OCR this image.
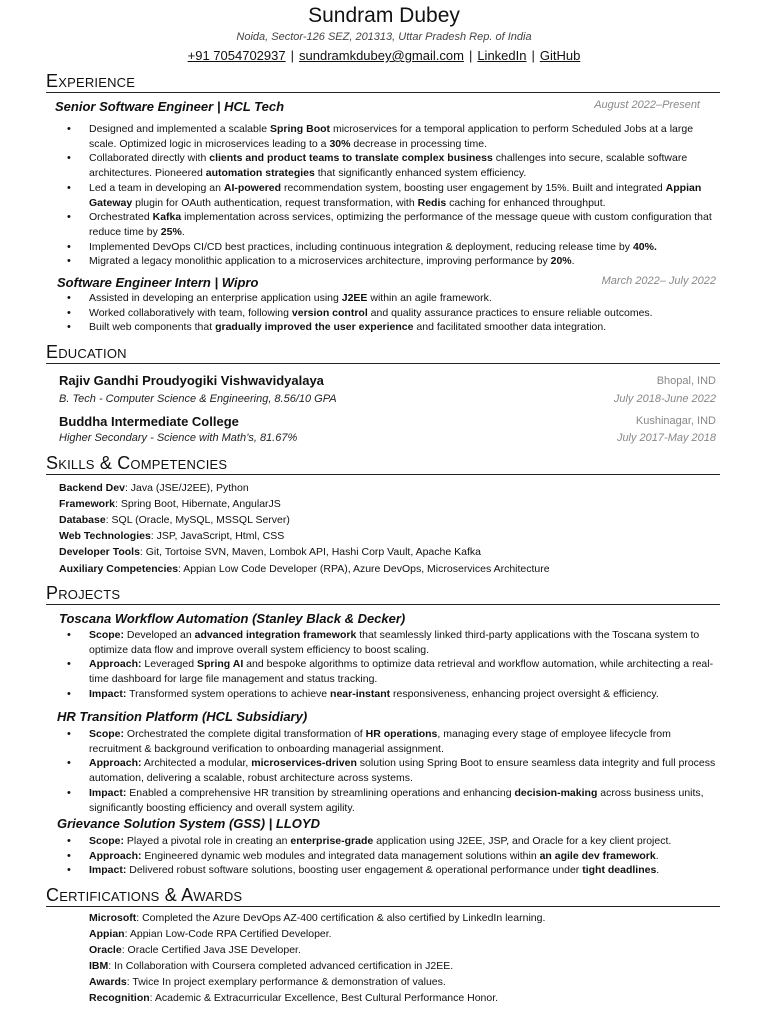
Sundram Dubey
Noida, Sector-126 SEZ, 201313, Uttar Pradesh Rep. of India
+91 7054702937 | sundramkdubey@gmail.com | LinkedIn | GitHub
Experience
Senior Software Engineer | HCL Tech	August 2022–Present
• Designed and implemented a scalable Spring Boot microservices for a temporal application to perform Scheduled Jobs at a large scale. Optimized logic in microservices leading to a 30% decrease in processing time.
• Collaborated directly with clients and product teams to translate complex business challenges into secure, scalable software architectures. Pioneered automation strategies that significantly enhanced system efficiency.
• Led a team in developing an AI-powered recommendation system, boosting user engagement by 15%. Built and integrated Appian Gateway plugin for OAuth authentication, request transformation, with Redis caching for enhanced throughput.
• Orchestrated Kafka implementation across services, optimizing the performance of the message queue with custom configuration that reduce time by 25%.
• Implemented DevOps CI/CD best practices, including continuous integration & deployment, reducing release time by 40%.
• Migrated a legacy monolithic application to a microservices architecture, improving performance by 20%.
Software Engineer Intern | Wipro	March 2022– July 2022
• Assisted in developing an enterprise application using J2EE within an agile framework.
• Worked collaboratively with team, following version control and quality assurance practices to ensure reliable outcomes.
• Built web components that gradually improved the user experience and facilitated smoother data integration.
Education
Rajiv Gandhi Proudyogiki Vishwavidyalaya	Bhopal, IND
B. Tech - Computer Science & Engineering, 8.56/10 GPA	July 2018-June 2022
Buddha Intermediate College	Kushinagar, IND
Higher Secondary - Science with Math’s, 81.67%	July 2017-May 2018
Skills & Competencies
Backend Dev: Java (JSE/J2EE), Python
Framework: Spring Boot, Hibernate, AngularJS
Database: SQL (Oracle, MySQL, MSSQL Server)
Web Technologies: JSP, JavaScript, Html, CSS
Developer Tools: Git, Tortoise SVN, Maven, Lombok API, Hashi Corp Vault, Apache Kafka
Auxiliary Competencies: Appian Low Code Developer (RPA), Azure DevOps, Microservices Architecture
Projects
Toscana Workflow Automation (Stanley Black & Decker)
• Scope: Developed an advanced integration framework that seamlessly linked third-party applications with the Toscana system to optimize data flow and improve overall system efficiency to boost scaling.
• Approach: Leveraged Spring AI and bespoke algorithms to optimize data retrieval and workflow automation, while architecting a real-time dashboard for large file management and status tracking.
• Impact: Transformed system operations to achieve near-instant responsiveness, enhancing project oversight & efficiency.
HR Transition Platform (HCL Subsidiary)
• Scope: Orchestrated the complete digital transformation of HR operations, managing every stage of employee lifecycle from recruitment & background verification to onboarding managerial assignment.
• Approach: Architected a modular, microservices-driven solution using Spring Boot to ensure seamless data integrity and full process automation, delivering a scalable, robust architecture across systems.
• Impact: Enabled a comprehensive HR transition by streamlining operations and enhancing decision-making across business units, significantly boosting efficiency and overall system agility.
Grievance Solution System (GSS) | LLOYD
• Scope: Played a pivotal role in creating an enterprise-grade application using J2EE, JSP, and Oracle for a key client project.
• Approach: Engineered dynamic web modules and integrated data management solutions within an agile dev framework.
• Impact: Delivered robust software solutions, boosting user engagement & operational performance under tight deadlines.
Certifications & Awards
Microsoft: Completed the Azure DevOps AZ-400 certification & also certified by LinkedIn learning.
Appian: Appian Low-Code RPA Certified Developer.
Oracle: Oracle Certified Java JSE Developer.
IBM: In Collaboration with Coursera completed advanced certification in J2EE.
Awards: Twice In project exemplary performance & demonstration of values.
Recognition: Academic & Extracurricular Excellence, Best Cultural Performance Honor.
